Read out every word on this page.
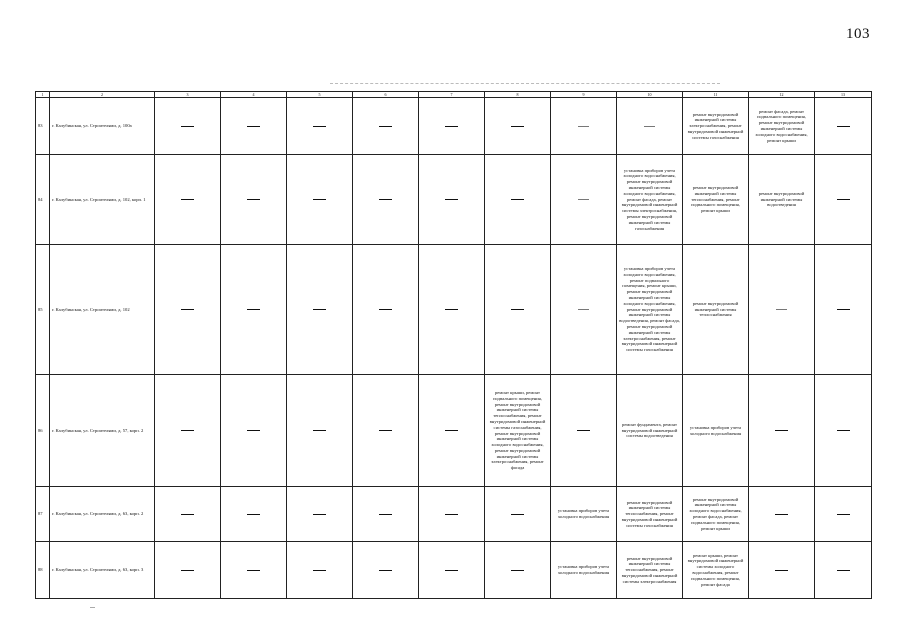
103
1	2	3	4	5	6	7	8	9	10	11	12	13
83	г. Калубинская, ул. Строителями, д. 100а									ремонт внутридомовой инженерной системы электроснабжения, ремонт внутридомовой инженерной системы газоснабжения	ремонт фасада, ремонт подвального помещения, ремонт внутридомовой инженерной системы холодного водоснабжения, ремонт крыши	
84	г. Калубинская, ул. Строителями, д. 102, корп. 1								установка приборов учета холодного водоснабжения, ремонт внутридомовой инженерной системы холодного водоснабжения, ремонт фасада, ремонт внутридомовой инженерной системы электроснабжения, ремонт внутридомовой инженерной системы газоснабжения	ремонт внутридомовой инженерной системы теплоснабжения, ремонт подвального помещения, ремонт крыши	ремонт внутридомовой инженерной системы водоотведения	
85	г. Калубинская, ул. Строителями, д. 102								установка приборов учета холодного водоснабжения, ремонт подвального помещения, ремонт крыши, ремонт внутридомовой инженерной системы холодного водоснабжения, ремонт внутридомовой инженерной системы водоотведения, ремонт фасада, ремонт внутридомовой инженерной системы электроснабжения, ремонт внутридомовой инженерной системы газоснабжения	ремонт внутридомовой инженерной системы теплоснабжения		
86	г. Калубинская, ул. Строителями, д. 57, корп. 2						ремонт крыши, ремонт подвального помещения, ремонт внутридомовой инженерной системы теплоснабжения, ремонт внутридомовой инженерной системы газоснабжения, ремонт внутридомовой инженерной системы холодного водоснабжения, ремонт внутридомовой инженерной системы электроснабжения, ремонт фасада		ремонт фундамента, ремонт внутридомовой инженерной системы водоотведения	установка приборов учета холодного водоснабжения		
87	г. Калубинская, ул. Строителями, д. 63, корп. 2							установка приборов учета холодного водоснабжения	ремонт внутридомовой инженерной системы теплоснабжения, ремонт внутридомовой инженерной системы газоснабжения	ремонт внутридомовой инженерной системы холодного водоснабжения, ремонт фасада, ремонт подвального помещения, ремонт крыши		
88	г. Калубинская, ул. Строителями, д. 63, корп. 3							установка приборов учета холодного водоснабжения	ремонт внутридомовой инженерной системы теплоснабжения, ремонт внутридомовой инженерной системы электроснабжения	ремонт крыши, ремонт внутридомовой инженерной системы холодного водоснабжения, ремонт подвального помещения, ремонт фасада		
